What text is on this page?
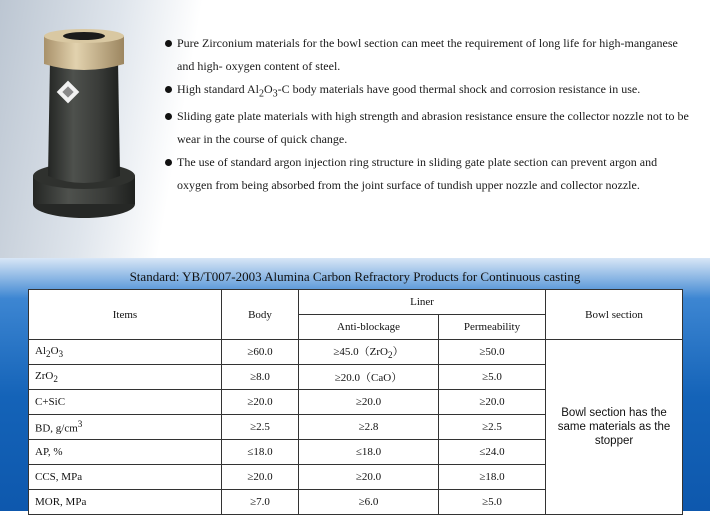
Pure Zirconium materials for the bowl section can meet the requirement of long life for high-manganese and high- oxygen content of steel.
High standard $Al_2O_3-C$ body materials have good thermal shock and corrosion resistance in use.
Sliding gate plate materials with high strength and abrasion resistance ensure the collector nozzle not to be wear in the course of quick change.
The use of standard argon injection ring structure in sliding gate plate section can prevent argon and oxygen from being absorbed from the joint surface of tundish upper nozzle and collector nozzle.
Standard: YB/T007-2003 Alumina Carbon Refractory Products for Continuous casting
Items	Body	Liner		Bowl section
		Anti-blockage	Permeability	
$Al_2O_3$	≥60.0	≥45.0（ZrO$_2$）	≥50.0	Bowl section has the same materials as the stopper
ZrO$_2$	≥8.0	≥20.0（CaO）	≥5.0	
C+SiC	≥20.0	≥20.0	≥20.0	
BD, $g/cm^3$	≥2.5	≥2.8	≥2.5	
AP, %	≤18.0	≤18.0	≤24.0	
CCS, MPa	≥20.0	≥20.0	≥18.0	
MOR, MPa	≥7.0	≥6.0	≥5.0	
